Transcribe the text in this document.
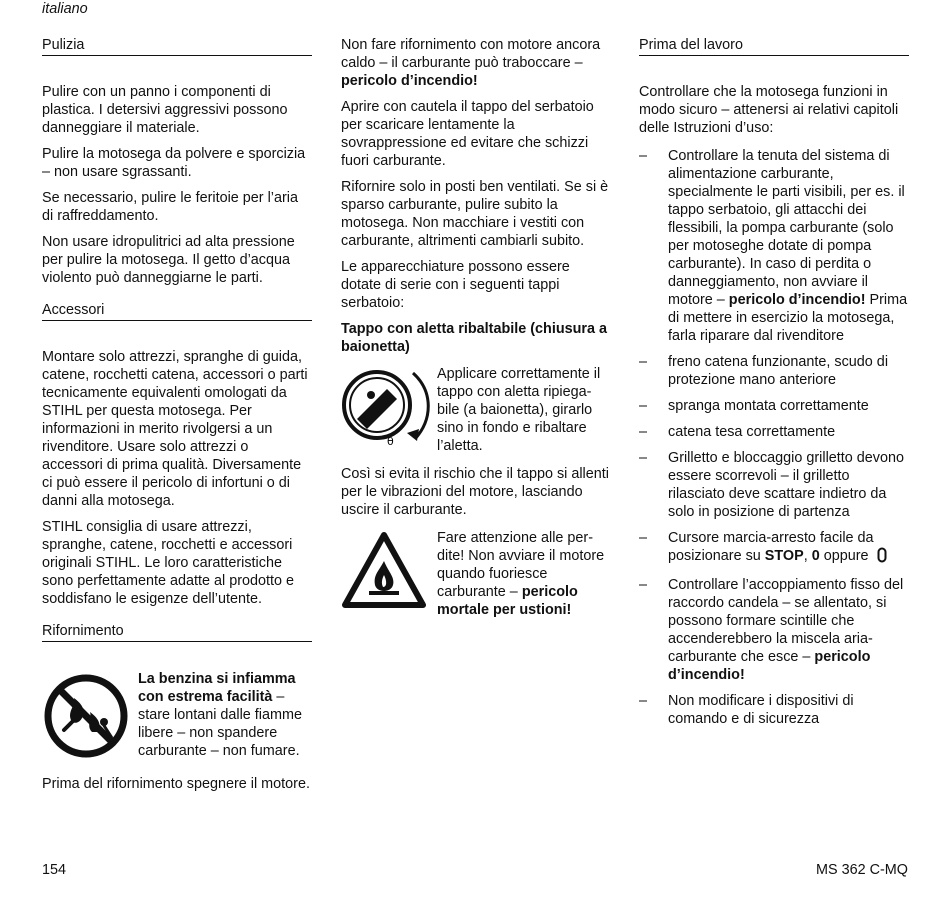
italiano
Pulizia

Pulire con un panno i componenti di plastica. I detersivi aggressivi possono danneggiare il materiale.

Pulire la motosega da polvere e sporcizia – non usare sgrassanti.

Se necessario, pulire le feritoie per l’aria di raffreddamento.

Non usare idropulitrici ad alta pressione per pulire la motosega. Il getto d’acqua violento può danneggiarne le parti.

Accessori

Montare solo attrezzi, spranghe di guida, catene, rocchetti catena, accessori o parti tecnicamente equivalenti omologati da STIHL per questa motosega. Per informazioni in merito rivolgersi a un rivenditore. Usare solo attrezzi o accessori di prima qualità. Diversamente ci può essere il pericolo di infortuni o di danni alla motosega.

STIHL consiglia di usare attrezzi, spranghe, catene, rocchetti e accessori originali STIHL. Le loro caratteristiche sono perfettamente adatte al prodotto e soddisfano le esigenze dell’utente.

Rifornimento
La benzina si infiamma con estrema facilità – stare lontani dalle fiamme libere – non spandere carburante – non fumare.

Prima del rifornimento spegnere il motore.

Non fare rifornimento con motore ancora caldo – il carburante può traboccare – pericolo d’incendio!

Aprire con cautela il tappo del serbatoio per scaricare lentamente la sovrappressione ed evitare che schizzi fuori carburante.

Rifornire solo in posti ben ventilati. Se si è sparso carburante, pulire subito la motosega. Non macchiare i vestiti con carburante, altrimenti cambiarli subito.

Le apparecchiature possono essere dotate di serie con i seguenti tappi serbatoio:

Tappo con aletta ribaltabile (chiusura a baionetta)

θ
Applicare correttamente il tappo con aletta ripiega-bile (a baionetta), girarlo sino in fondo e ribaltare l’aletta.

Così si evita il rischio che il tappo si allenti per le vibrazioni del motore, lasciando uscire il carburante.

Fare attenzione alle per-dite! Non avviare il motore quando fuoriesce carburante – pericolo mortale per ustioni!
Prima del lavoro

Controllare che la motosega funzioni in modo sicuro – attenersi ai relativi capitoli delle Istruzioni d’uso:

– Controllare la tenuta del sistema di alimentazione carburante, specialmente le parti visibili, per es. il tappo serbatoio, gli attacchi dei flessibili, la pompa carburante (solo per motoseghe dotate di pompa carburante). In caso di perdita o danneggiamento, non avviare il motore – pericolo d’incendio! Prima di mettere in esercizio la motosega, farla riparare dal rivenditore
– freno catena funzionante, scudo di protezione mano anteriore
– spranga montata correttamente
– catena tesa correttamente
– Grilletto e bloccaggio grilletto devono essere scorrevoli – il grilletto rilasciato deve scattare indietro da solo in posizione di partenza
– Cursore marcia-arresto facile da posizionare su STOP, 0 oppure
– Controllare l’accoppiamento fisso del raccordo candela – se allentato, si possono formare scintille che accenderebbero la miscela aria-carburante che esce – pericolo d’incendio!
– Non modificare i dispositivi di comando e di sicurezza
154	MS 362 C-MQ
